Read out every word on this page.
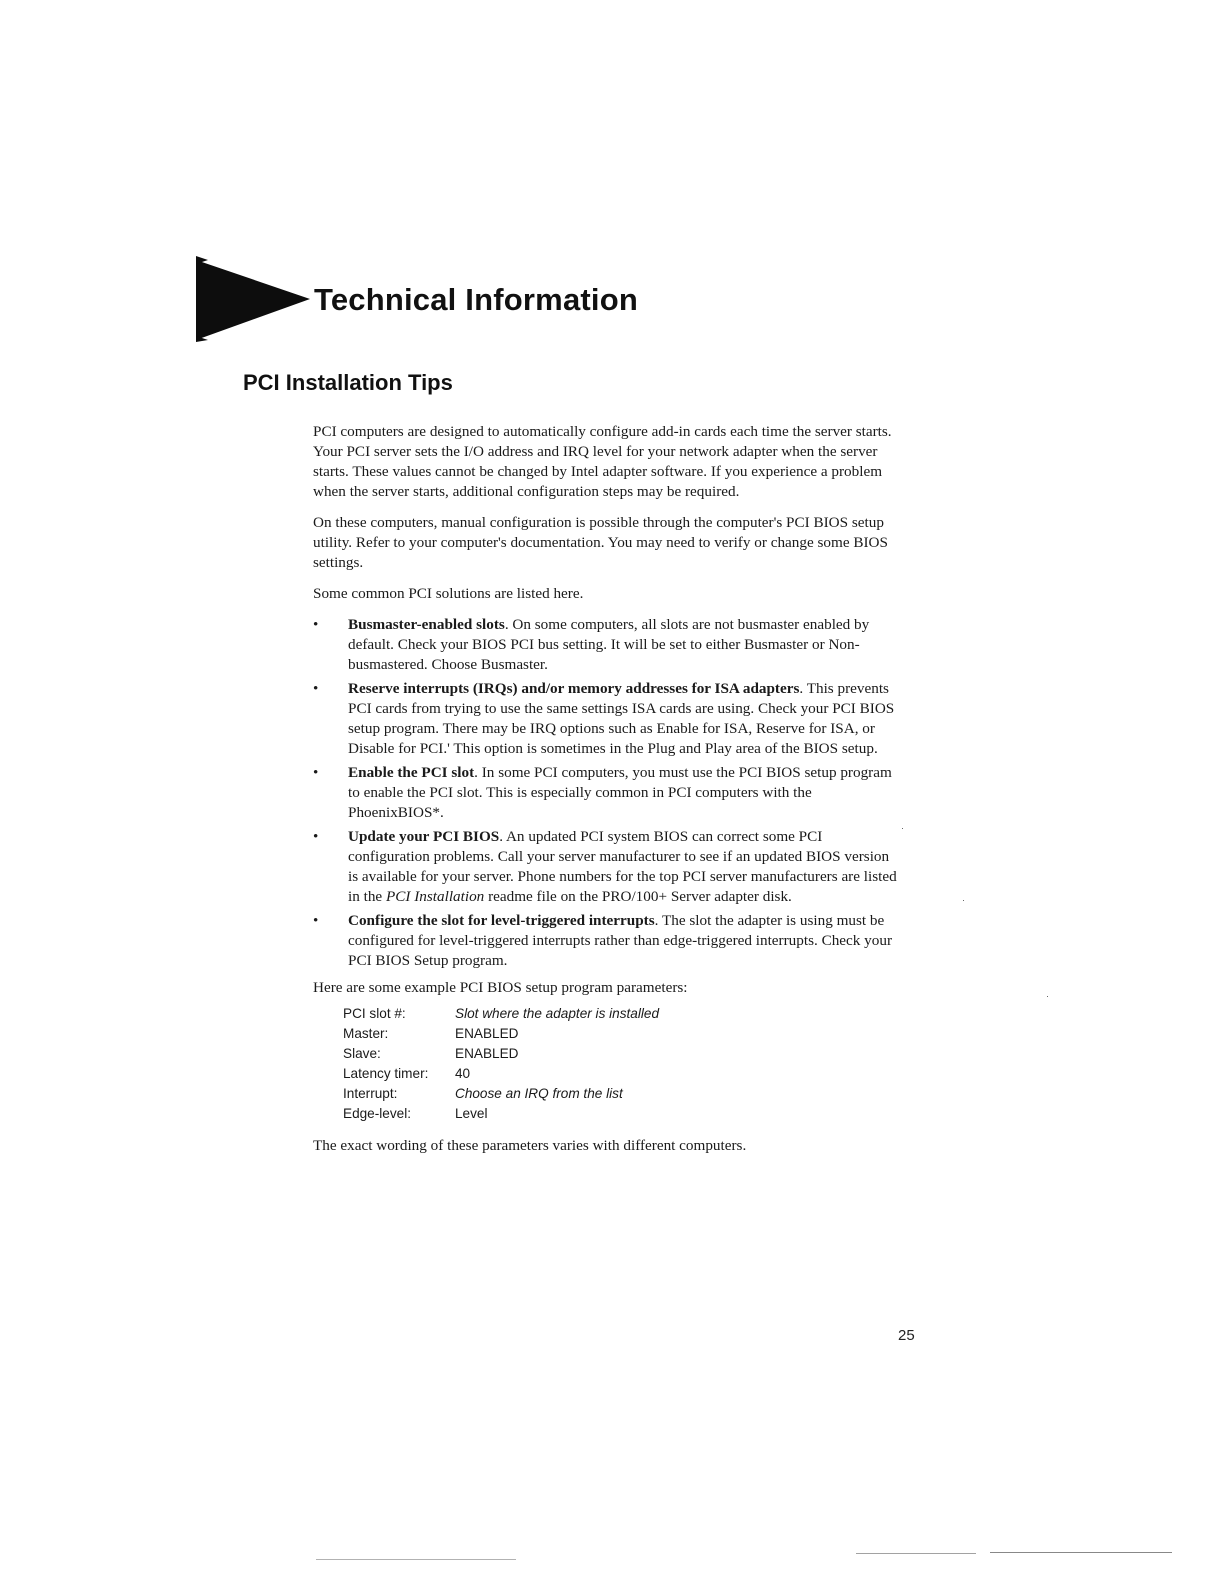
Technical Information
PCI Installation Tips

PCI computers are designed to automatically configure add-in cards each time the server starts. Your PCI server sets the I/O address and IRQ level for your network adapter when the server starts. These values cannot be changed by Intel adapter software. If you experience a problem when the server starts, additional configuration steps may be required.

On these computers, manual configuration is possible through the computer's PCI BIOS setup utility. Refer to your computer's documentation. You may need to verify or change some BIOS settings.

Some common PCI solutions are listed here.

•	Busmaster-enabled slots. On some computers, all slots are not busmaster enabled by default. Check your BIOS PCI bus setting. It will be set to either Busmaster or Non-busmastered. Choose Busmaster.
•	Reserve interrupts (IRQs) and/or memory addresses for ISA adapters. This prevents PCI cards from trying to use the same settings ISA cards are using. Check your PCI BIOS setup program. There may be IRQ options such as Enable for ISA, Reserve for ISA, or Disable for PCI.' This option is sometimes in the Plug and Play area of the BIOS setup.
•	Enable the PCI slot. In some PCI computers, you must use the PCI BIOS setup program to enable the PCI slot. This is especially common in PCI computers with the PhoenixBIOS*.
•	Update your PCI BIOS. An updated PCI system BIOS can correct some PCI configuration problems. Call your server manufacturer to see if an updated BIOS version is available for your server. Phone numbers for the top PCI server manufacturers are listed in the PCI Installation readme file on the PRO/100+ Server adapter disk.
•	Configure the slot for level-triggered interrupts. The slot the adapter is using must be configured for level-triggered interrupts rather than edge-triggered interrupts. Check your PCI BIOS Setup program.

Here are some example PCI BIOS setup program parameters:

PCI slot #:	Slot where the adapter is installed
Master:	ENABLED
Slave:	ENABLED
Latency timer:	40
Interrupt:	Choose an IRQ from the list
Edge-level:	Level

The exact wording of these parameters varies with different computers.

25
